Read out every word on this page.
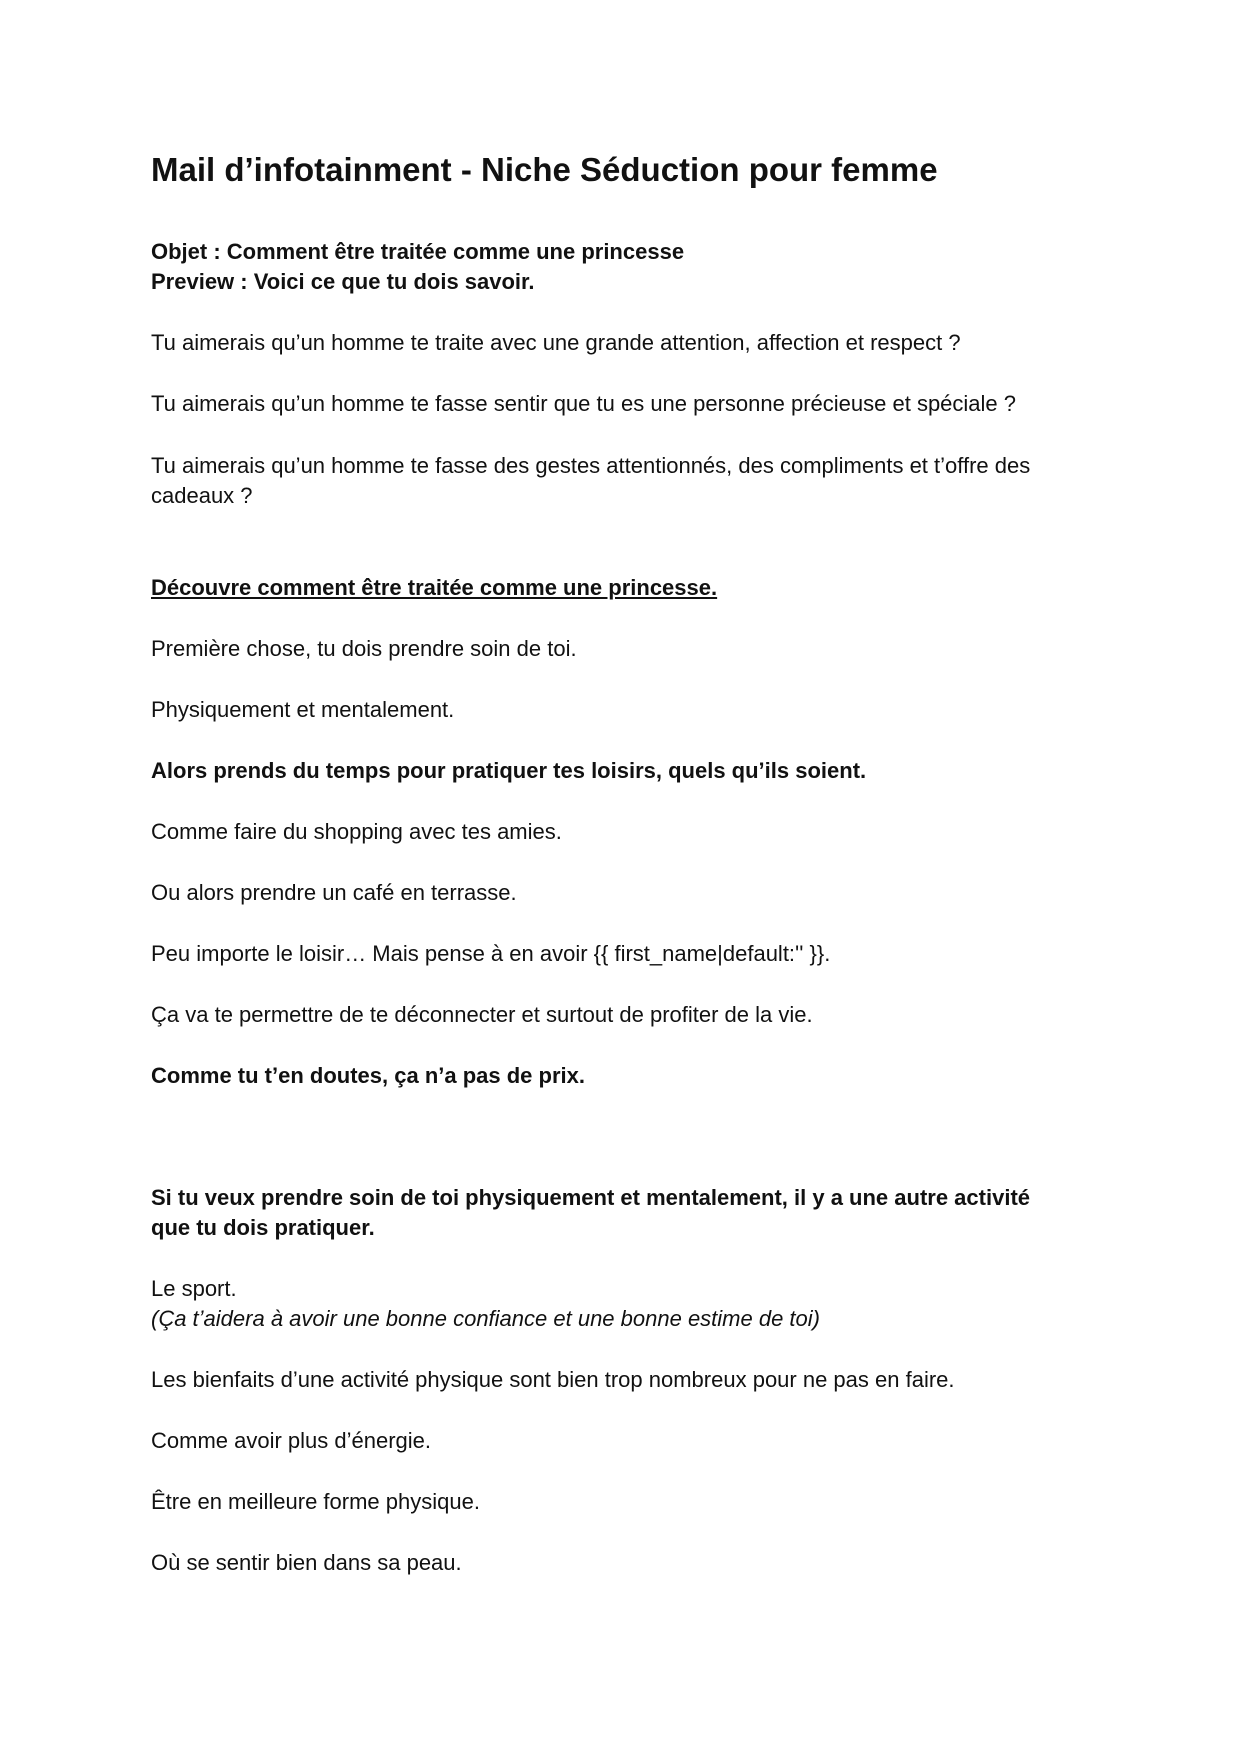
Mail d’infotainment - Niche Séduction pour femme

Objet : Comment être traitée comme une princesse

Preview : Voici ce que tu dois savoir.

Tu aimerais qu’un homme te traite avec une grande attention, affection et respect ?

Tu aimerais qu’un homme te fasse sentir que tu es une personne précieuse et spéciale ?

Tu aimerais qu’un homme te fasse des gestes attentionnés, des compliments et t’offre des

cadeaux ?

Découvre comment être traitée comme une princesse.

Première chose, tu dois prendre soin de toi.

Physiquement et mentalement.

Alors prends du temps pour pratiquer tes loisirs, quels qu’ils soient.

Comme faire du shopping avec tes amies.

Ou alors prendre un café en terrasse.

Peu importe le loisir… Mais pense à en avoir {{ first_name|default:'' }}.

Ça va te permettre de te déconnecter et surtout de profiter de la vie.

Comme tu t’en doutes, ça n’a pas de prix.

Si tu veux prendre soin de toi physiquement et mentalement, il y a une autre activité

que tu dois pratiquer.

Le sport.

(Ça t’aidera à avoir une bonne confiance et une bonne estime de toi)

Les bienfaits d’une activité physique sont bien trop nombreux pour ne pas en faire.

Comme avoir plus d’énergie.

Être en meilleure forme physique.

Où se sentir bien dans sa peau.
